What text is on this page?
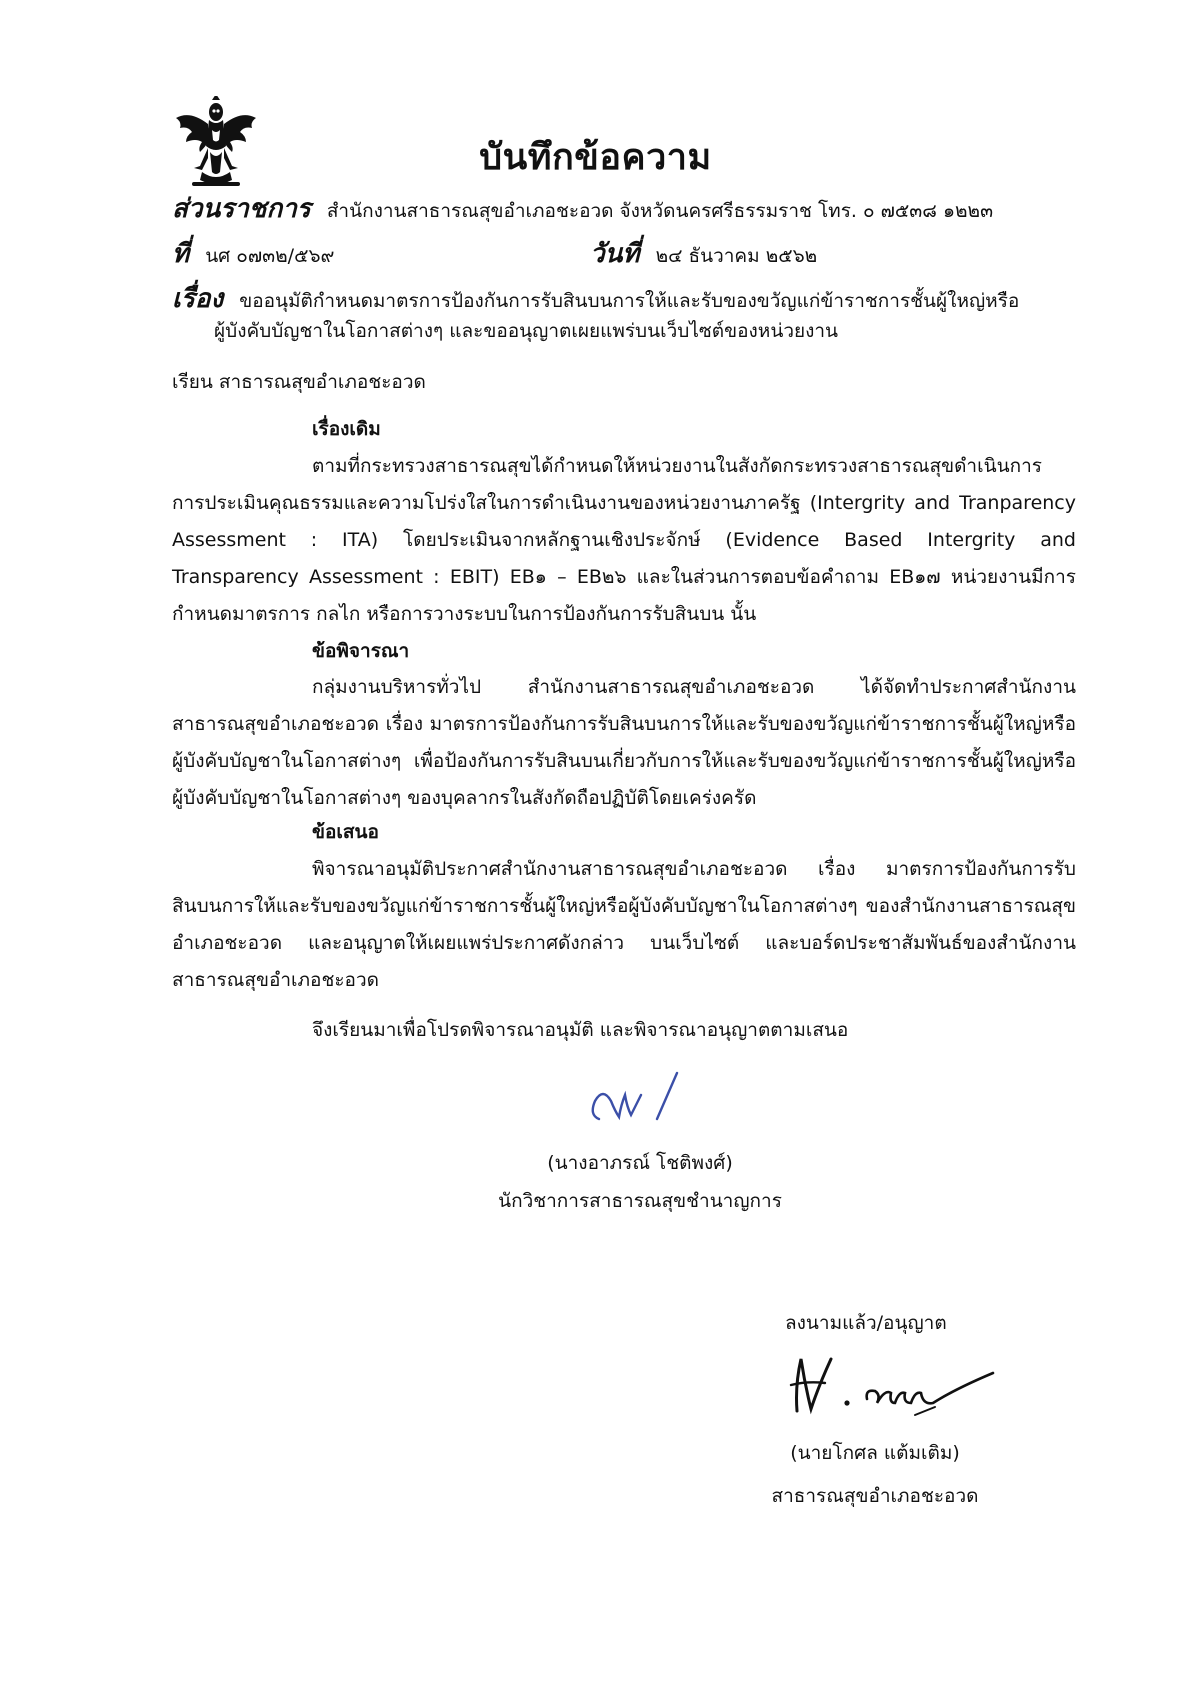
บันทึกข้อความ
ส่วนราชการ สำนักงานสาธารณสุขอำเภอชะอวด จังหวัดนครศรีธรรมราช โทร. ๐ ๗๕๓๘ ๑๒๒๓
ที่ นศ ๐๗๓๒/๕๖๙	วันที่ ๒๔ ธันวาคม ๒๕๖๒
เรื่อง ขออนุมัติกำหนดมาตรการป้องกันการรับสินบนการให้และรับของขวัญแก่ข้าราชการชั้นผู้ใหญ่หรือ
ผู้บังคับบัญชาในโอกาสต่างๆ และขออนุญาตเผยแพร่บนเว็บไซต์ของหน่วยงาน
เรียน สาธารณสุขอำเภอชะอวด
เรื่องเดิม
ตามที่กระทรวงสาธารณสุขได้กำหนดให้หน่วยงานในสังกัดกระทรวงสาธารณสุขดำเนินการ การประเมินคุณธรรมและความโปร่งใสในการดำเนินงานของหน่วยงานภาครัฐ (Intergrity and Tranparency Assessment : ITA) โดยประเมินจากหลักฐานเชิงประจักษ์ (Evidence Based Intergrity and Transparency Assessment : EBIT) EB๑ – EB๒๖ และในส่วนการตอบข้อคำถาม EB๑๗ หน่วยงานมีการกำหนดมาตรการ กลไก หรือการวางระบบในการป้องกันการรับสินบน นั้น
ข้อพิจารณา
กลุ่มงานบริหารทั่วไป สำนักงานสาธารณสุขอำเภอชะอวด ได้จัดทำประกาศสำนักงานสาธารณสุขอำเภอชะอวด เรื่อง มาตรการป้องกันการรับสินบนการให้และรับของขวัญแก่ข้าราชการชั้นผู้ใหญ่หรือผู้บังคับบัญชาในโอกาสต่างๆ เพื่อป้องกันการรับสินบนเกี่ยวกับการให้และรับของขวัญแก่ข้าราชการชั้นผู้ใหญ่หรือผู้บังคับบัญชาในโอกาสต่างๆ ของบุคลากรในสังกัดถือปฏิบัติโดยเคร่งครัด
ข้อเสนอ
พิจารณาอนุมัติประกาศสำนักงานสาธารณสุขอำเภอชะอวด เรื่อง มาตรการป้องกันการรับสินบนการให้และรับของขวัญแก่ข้าราชการชั้นผู้ใหญ่หรือผู้บังคับบัญชาในโอกาสต่างๆ ของสำนักงานสาธารณสุขอำเภอชะอวด และอนุญาตให้เผยแพร่ประกาศดังกล่าว บนเว็บไซต์ และบอร์ดประชาสัมพันธ์ของสำนักงานสาธารณสุขอำเภอชะอวด
จึงเรียนมาเพื่อโปรดพิจารณาอนุมัติ และพิจารณาอนุญาตตามเสนอ
(นางอาภรณ์ โชติพงศ์)
นักวิชาการสาธารณสุขชำนาญการ
ลงนามแล้ว/อนุญาต
(นายโกศล แต้มเติม)
สาธารณสุขอำเภอชะอวด
